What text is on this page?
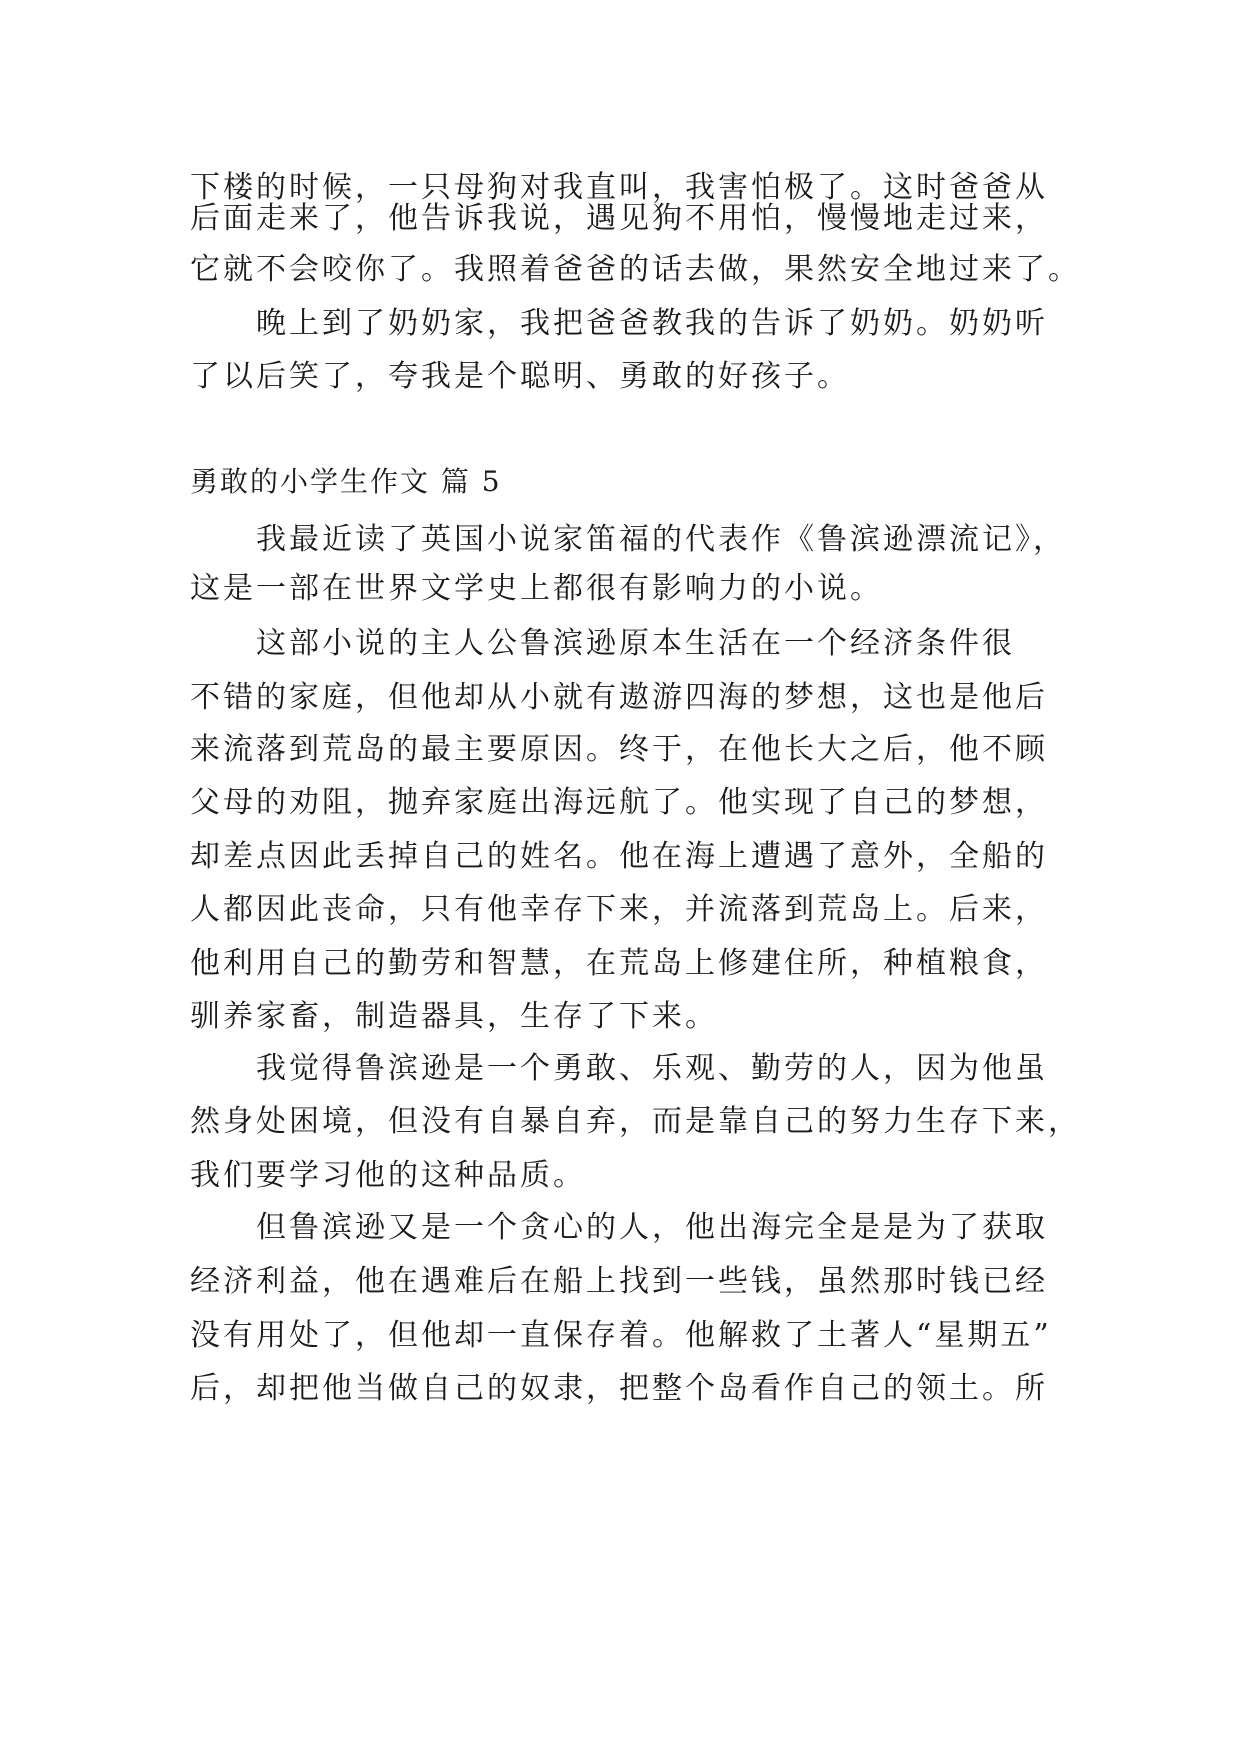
下楼的时候，一只母狗对我直叫，我害怕极了。这时爸爸从
后面走来了，他告诉我说，遇见狗不用怕，慢慢地走过来，
它就不会咬你了。我照着爸爸的话去做，果然安全地过来了。
晚上到了奶奶家，我把爸爸教我的告诉了奶奶。奶奶听
了以后笑了，夸我是个聪明、勇敢的好孩子。
勇敢的小学生作文 篇 5
我最近读了英国小说家笛福的代表作《鲁滨逊漂流记》，
这是一部在世界文学史上都很有影响力的小说。
这部小说的主人公鲁滨逊原本生活在一个经济条件很
不错的家庭，但他却从小就有遨游四海的梦想，这也是他后
来流落到荒岛的最主要原因。终于，在他长大之后，他不顾
父母的劝阻，抛弃家庭出海远航了。他实现了自己的梦想，
却差点因此丢掉自己的姓名。他在海上遭遇了意外，全船的
人都因此丧命，只有他幸存下来，并流落到荒岛上。后来，
他利用自己的勤劳和智慧，在荒岛上修建住所，种植粮食，
驯养家畜，制造器具，生存了下来。
我觉得鲁滨逊是一个勇敢、乐观、勤劳的人，因为他虽
然身处困境，但没有自暴自弃，而是靠自己的努力生存下来，
我们要学习他的这种品质。
但鲁滨逊又是一个贪心的人，他出海完全是是为了获取
经济利益，他在遇难后在船上找到一些钱，虽然那时钱已经
没有用处了，但他却一直保存着。他解救了土著人“星期五”
后，却把他当做自己的奴隶，把整个岛看作自己的领土。所
